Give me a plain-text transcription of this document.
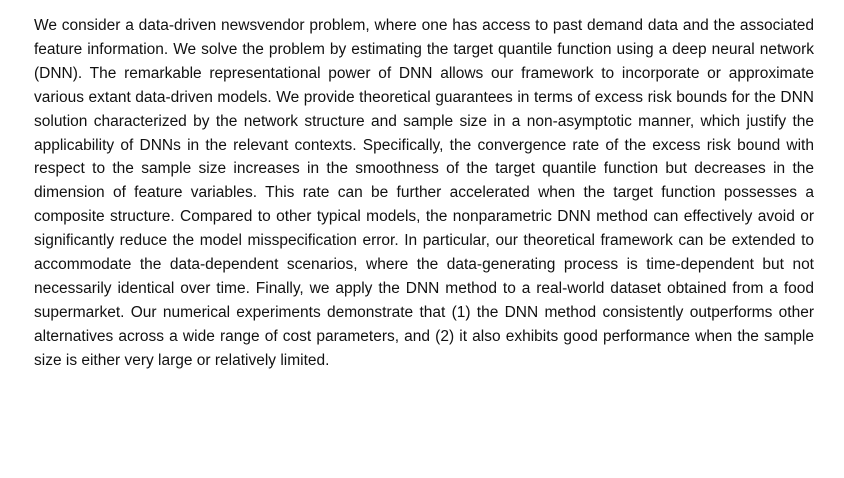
We consider a data-driven newsvendor problem, where one has access to past demand data and the associated feature information. We solve the problem by estimating the target quantile function using a deep neural network (DNN). The remarkable representational power of DNN allows our framework to incorporate or approximate various extant data-driven models. We provide theoretical guarantees in terms of excess risk bounds for the DNN solution characterized by the network structure and sample size in a non-asymptotic manner, which justify the applicability of DNNs in the relevant contexts. Specifically, the convergence rate of the excess risk bound with respect to the sample size increases in the smoothness of the target quantile function but decreases in the dimension of feature variables. This rate can be further accelerated when the target function possesses a composite structure. Compared to other typical models, the nonparametric DNN method can effectively avoid or significantly reduce the model misspecification error. In particular, our theoretical framework can be extended to accommodate the data-dependent scenarios, where the data-generating process is time-dependent but not necessarily identical over time. Finally, we apply the DNN method to a real-world dataset obtained from a food supermarket. Our numerical experiments demonstrate that (1) the DNN method consistently outperforms other alternatives across a wide range of cost parameters, and (2) it also exhibits good performance when the sample size is either very large or relatively limited.
